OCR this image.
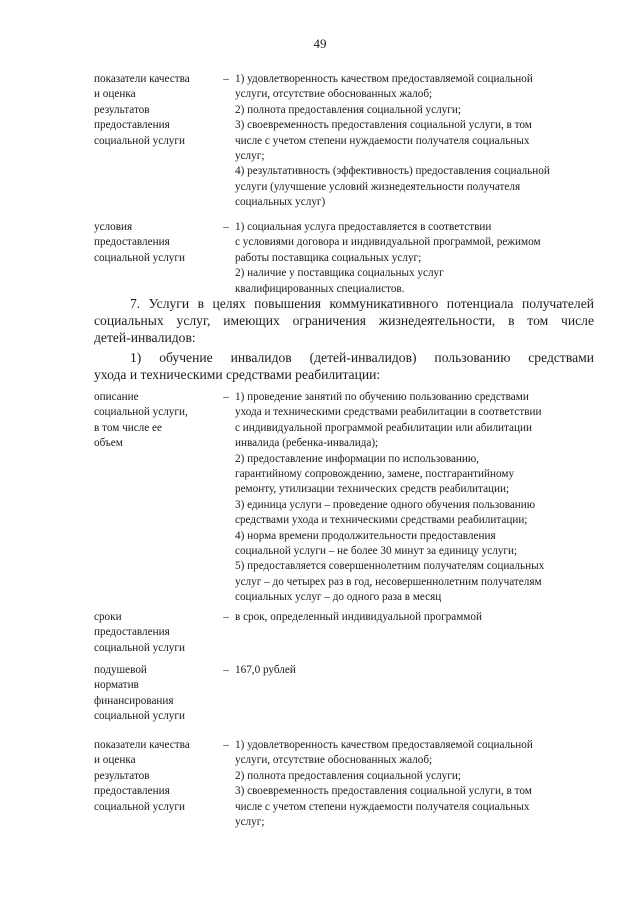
49
показатели качества
и оценка
результатов
предоставления
социальной услуги
– 1) удовлетворенность качеством предоставляемой социальной
услуги, отсутствие обоснованных жалоб;
2) полнота предоставления социальной услуги;
3) своевременность предоставления социальной услуги, в том
числе с учетом степени нуждаемости получателя социальных
услуг;
4) результативность (эффективность) предоставления социальной
услуги (улучшение условий жизнедеятельности получателя
социальных услуг)
условия
предоставления
социальной услуги
– 1) социальная услуга предоставляется в соответствии
с условиями договора и индивидуальной программой, режимом
работы поставщика социальных услуг;
2) наличие у поставщика социальных услуг
квалифицированных специалистов.
7. Услуги в целях повышения коммуникативного потенциала получателей
социальных услуг, имеющих ограничения жизнедеятельности, в том числе
детей-инвалидов:
1) обучение инвалидов (детей-инвалидов) пользованию средствами
ухода и техническими средствами реабилитации:
описание
социальной услуги,
в том числе ее
объем
– 1) проведение занятий по обучению пользованию средствами
ухода и техническими средствами реабилитации в соответствии
с индивидуальной программой реабилитации или абилитации
инвалида (ребенка-инвалида);
2) предоставление информации по использованию,
гарантийному сопровождению, замене, постгарантийному
ремонту, утилизации технических средств реабилитации;
3) единица услуги – проведение одного обучения пользованию
средствами ухода и техническими средствами реабилитации;
4) норма времени продолжительности предоставления
социальной услуги – не более 30 минут за единицу услуги;
5) предоставляется совершеннолетним получателям социальных
услуг – до четырех раз в год, несовершеннолетним получателям
социальных услуг – до одного раза в месяц
сроки
предоставления
социальной услуги
– в срок, определенный индивидуальной программой
подушевой
норматив
финансирования
социальной услуги
– 167,0 рублей
показатели качества
и оценка
результатов
предоставления
социальной услуги
– 1) удовлетворенность качеством предоставляемой социальной
услуги, отсутствие обоснованных жалоб;
2) полнота предоставления социальной услуги;
3) своевременность предоставления социальной услуги, в том
числе с учетом степени нуждаемости получателя социальных
услуг;
